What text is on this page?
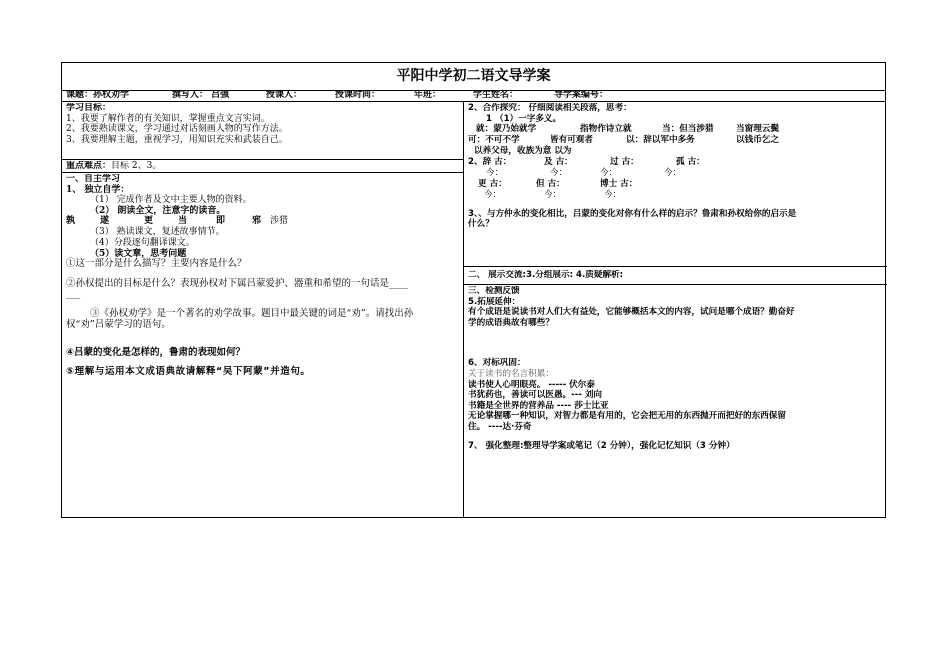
平阳中学初二语文导学案
课题：孙权劝学	撰写人： 吕强	授课人：	授课时间：	年班：	学生姓名：	导学案编号：
学习目标：
1、我要了解作者的有关知识，掌握重点文言实词。
2、我要熟读课文，学习通过对话刻画人物的写作方法。
3、我要理解主题，重视学习，用知识充实和武装自己。
重点难点：目标 2、3。
一、自主学习
1、 独立自学：
（1） 完成作者及文中主要人物的资料。
（2） 朗读全文，注意字的读音。
孰	遂	更	当	即	邪 涉猎
（3） 熟读课文，复述故事情节。
（4）分段逐句翻译课文。
（5）读文章，思考问题
①这一部分是什么描写？主要内容是什么？
②孙权提出的目标是什么？表现孙权对下属吕蒙爱护、器重和希望的一句话是____
___
③《孙权劝学》是一个著名的劝学故事。题目中最关键的词是“劝”。请找出孙
权“劝”吕蒙学习的语句。
④吕蒙的变化是怎样的，鲁肃的表现如何？
⑤理解与运用本文成语典故请解释“吴下阿蒙”并造句。
2、合作探究： 仔细阅读相关段落，思考：
1 （1）一字多义。
就：蒙乃始就学	指物作诗立就	当：但当涉猎	当窗理云鬓
可：不可不学	皆有可观者	以：辞以军中多务	以钱币乞之
以养父母，收族为意 以为
2、辞 古：	及 古：	过 古：	孤 古：
今：	今：	今：	今：
更 古：	但 古：	博士 古：
今：	今：	今：
3、、与方仲永的变化相比，吕蒙的变化对你有什么样的启示？鲁肃和孙权给你的启示是
什么？
二、 展示交流:3.分组展示: 4.质疑解析:
三、检测反馈
5.拓展延伸：
有个成语是说读书对人们大有益处，它能够概括本文的内容，试问是哪个成语？勤奋好
学的成语典故有哪些？
6、对标巩固：
关于读书的名言积累：
读书使人心明眼亮。 ----- 伏尔泰
书犹药也，善读可以医愚。--- 刘向
书籍是全世界的营养品 ---- 莎士比亚
无论掌握哪一种知识，对智力都是有用的，它会把无用的东西抛开而把好的东西保留
住。 ----达·芬奇
7、 强化整理:整理导学案或笔记（2 分钟），强化记忆知识（3 分钟）
